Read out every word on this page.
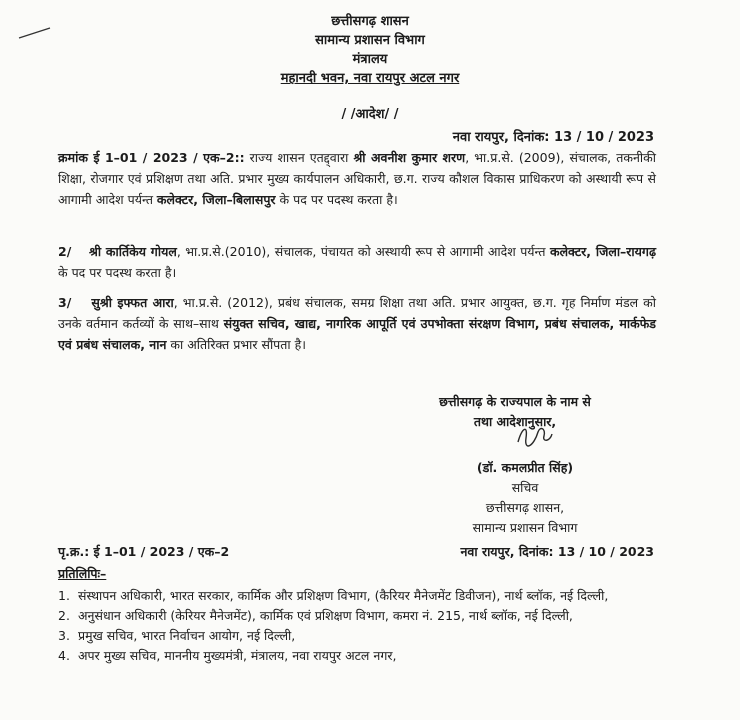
छत्तीसगढ़ शासन
सामान्य प्रशासन विभाग
मंत्रालय
महानदी भवन, नवा रायपुर अटल नगर
/ /आदेश/ /
नवा रायपुर, दिनांक: 13 / 10 / 2023
क्रमांक ई 1–01 / 2023 / एक–2:: राज्य शासन एतद्द्वारा श्री अवनीश कुमार शरण, भा.प्र.से. (2009), संचालक, तकनीकी शिक्षा, रोजगार एवं प्रशिक्षण तथा अति. प्रभार मुख्य कार्यपालन अधिकारी, छ.ग. राज्य कौशल विकास प्राधिकरण को अस्थायी रूप से आगामी आदेश पर्यन्त कलेक्टर, जिला–बिलासपुर के पद पर पदस्थ करता है।
2/ श्री कार्तिकेय गोयल, भा.प्र.से.(2010), संचालक, पंचायत को अस्थायी रूप से आगामी आदेश पर्यन्त कलेक्टर, जिला–रायगढ़ के पद पर पदस्थ करता है।
3/ सुश्री इफ्फत आरा, भा.प्र.से. (2012), प्रबंध संचालक, समग्र शिक्षा तथा अति. प्रभार आयुक्त, छ.ग. गृह निर्माण मंडल को उनके वर्तमान कर्तव्यों के साथ–साथ संयुक्त सचिव, खाद्य, नागरिक आपूर्ति एवं उपभोक्ता संरक्षण विभाग, प्रबंध संचालक, मार्कफेड एवं प्रबंध संचालक, नान का अतिरिक्त प्रभार सौंपता है।
छत्तीसगढ़ के राज्यपाल के नाम से
तथा आदेशानुसार,
(डॉ. कमलप्रीत सिंह)
सचिव
छत्तीसगढ़ शासन,
सामान्य प्रशासन विभाग
पृ.क्र.: ई 1–01 / 2023 / एक–2	नवा रायपुर, दिनांक: 13 / 10 / 2023
प्रतिलिपिः–
1. संस्थापन अधिकारी, भारत सरकार, कार्मिक और प्रशिक्षण विभाग, (कैरियर मैनेजमेंट डिवीजन), नार्थ ब्लॉक, नई दिल्ली,
2. अनुसंधान अधिकारी (केरियर मैनेजमेंट), कार्मिक एवं प्रशिक्षण विभाग, कमरा नं. 215, नार्थ ब्लॉक, नई दिल्ली,
3. प्रमुख सचिव, भारत निर्वाचन आयोग, नई दिल्ली,
4. अपर मुख्य सचिव, माननीय मुख्यमंत्री, मंत्रालय, नवा रायपुर अटल नगर,
